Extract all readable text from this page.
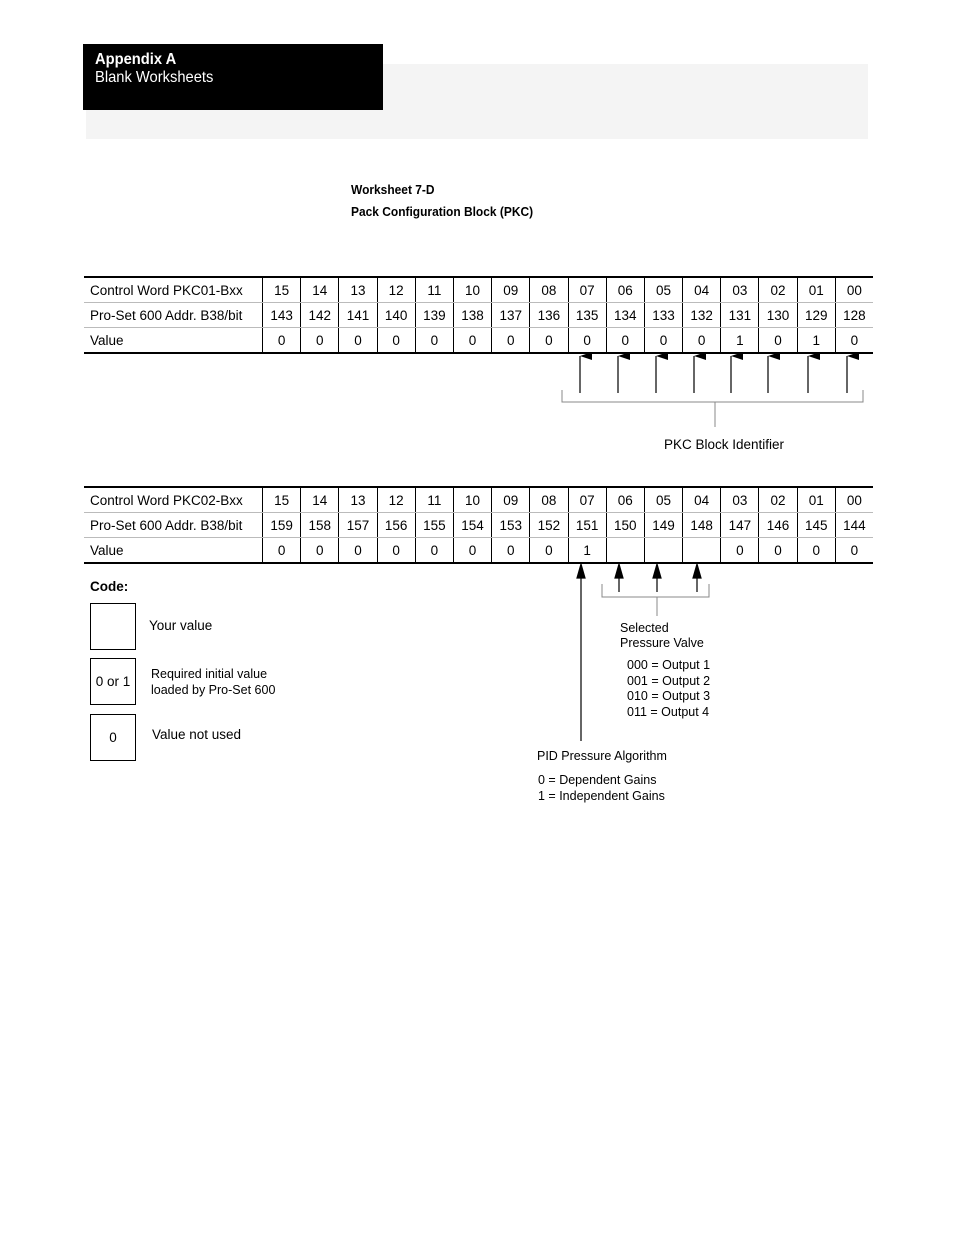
Appendix A
Blank Worksheets
Worksheet 7-D
Pack Configuration Block (PKC)
Control Word PKC01-Bxx	15	14	13	12	11	10	09	08	07	06	05	04	03	02	01	00
Pro-Set 600 Addr. B38/bit	143	142	141	140	139	138	137	136	135	134	133	132	131	130	129	128
Value	0	0	0	0	0	0	0	0	0	0	0	0	1	0	1	0
Control Word PKC02-Bxx	15	14	13	12	11	10	09	08	07	06	05	04	03	02	01	00
Pro-Set 600 Addr. B38/bit	159	158	157	156	155	154	153	152	151	150	149	148	147	146	145	144
Value	0	0	0	0	0	0	0	0	1				0	0	0	0
PKC Block Identifier
Code:
Your value
0 or 1	Required initial value
loaded by Pro-Set 600
0	Value not used
Selected
Pressure Valve
000 = Output 1
001 = Output 2
010 = Output 3
011 = Output 4
PID Pressure Algorithm
0 = Dependent Gains
1 = Independent Gains
